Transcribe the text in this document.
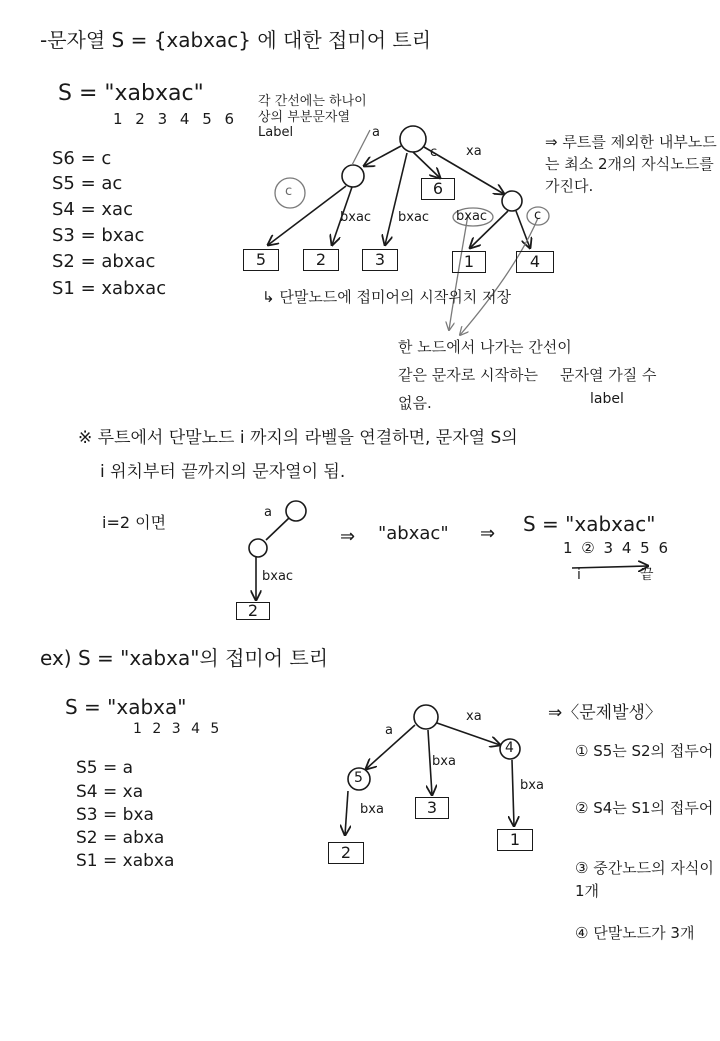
-문자열 S = {xabxac} 에 대한 접미어 트리
S = "xabxac"
1 2 3 4 5 6
S6 = c
S5 = ac
S4 = xac
S3 = bxac
S2 = abxac
S1 = xabxac
각 간선에는 하나이상의 부분문자열 Label	a
c xa
bxac bxac bxac	c
c
5	2	3
6
1	4
⇒ 루트를 제외한 내부노드는 최소 2개의 자식노드를 가진다.
↳ 단말노드에 접미어의 시작위치 저장
한 노드에서 나가는 간선이
같은 문자로 시작하는 문자열 가질 수
label
없음.
※ 루트에서 단말노드 i 까지의 라벨을 연결하면, 문자열 S의
i 위치부터 끝까지의 문자열이 됨.
i=2 이면
a
bxac
2
⇒ "abxac" ⇒ S = "xabxac"
1 ② 3 4 5 6
i	끝
ex) S = "xabxa"의 접미어 트리
S = "xabxa"
1 2 3 4 5
S5 = a
S4 = xa
S3 = bxa
S2 = abxa
S1 = xabxa
a
bxa
xa
bxa
bxa
5
4
2
3
1
⇒〈문제발생〉
① S5는 S2의 접두어
② S4는 S1의 접두어
③ 중간노드의 자식이 1개
④ 단말노드가 3개
